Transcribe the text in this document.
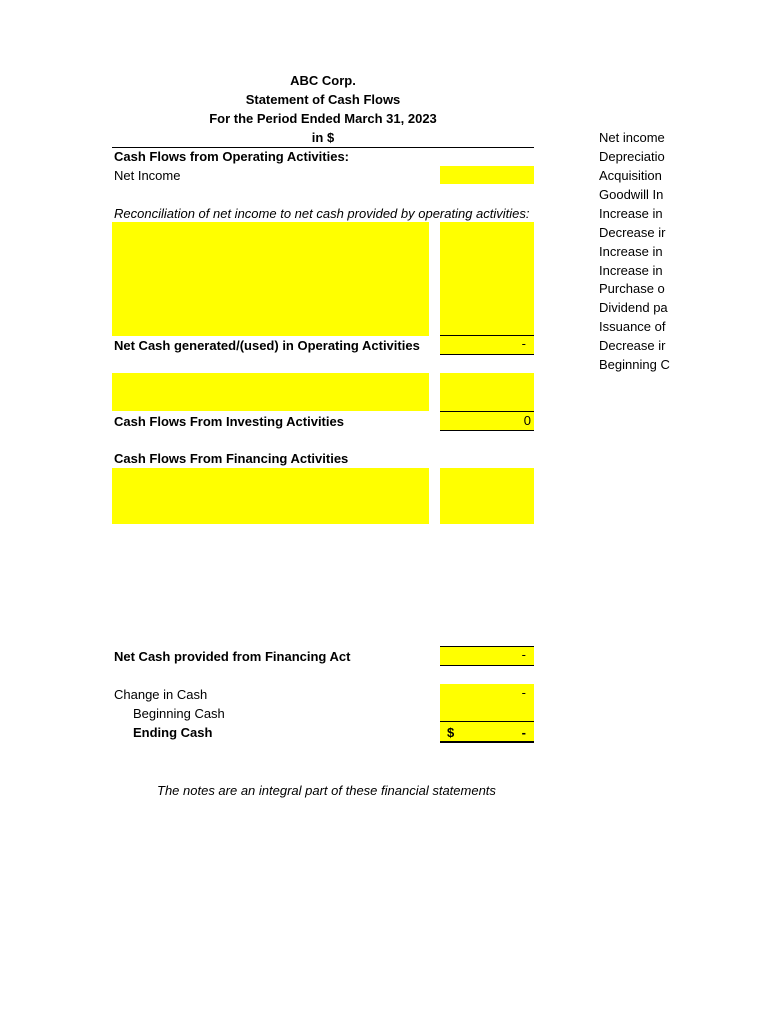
ABC Corp.
Statement of Cash Flows
For the Period Ended March 31, 2023
in $
Cash Flows from Operating Activities:
Net Income
Reconciliation of net income to net cash provided by operating activities:
Net Cash generated/(used) in Operating Activities	-
Cash Flows From Investing Activities	0
Cash Flows From Financing Activities
Net Cash provided from Financing Act	-
Change in Cash	-
Beginning Cash
Ending Cash	$	-
The notes are an integral part of these financial statements
Net income
Depreciatio
Acquisition
Goodwill In
Increase in
Decrease ir
Increase in
Increase in
Purchase o
Dividend pa
Issuance of
Decrease ir
Beginning C
